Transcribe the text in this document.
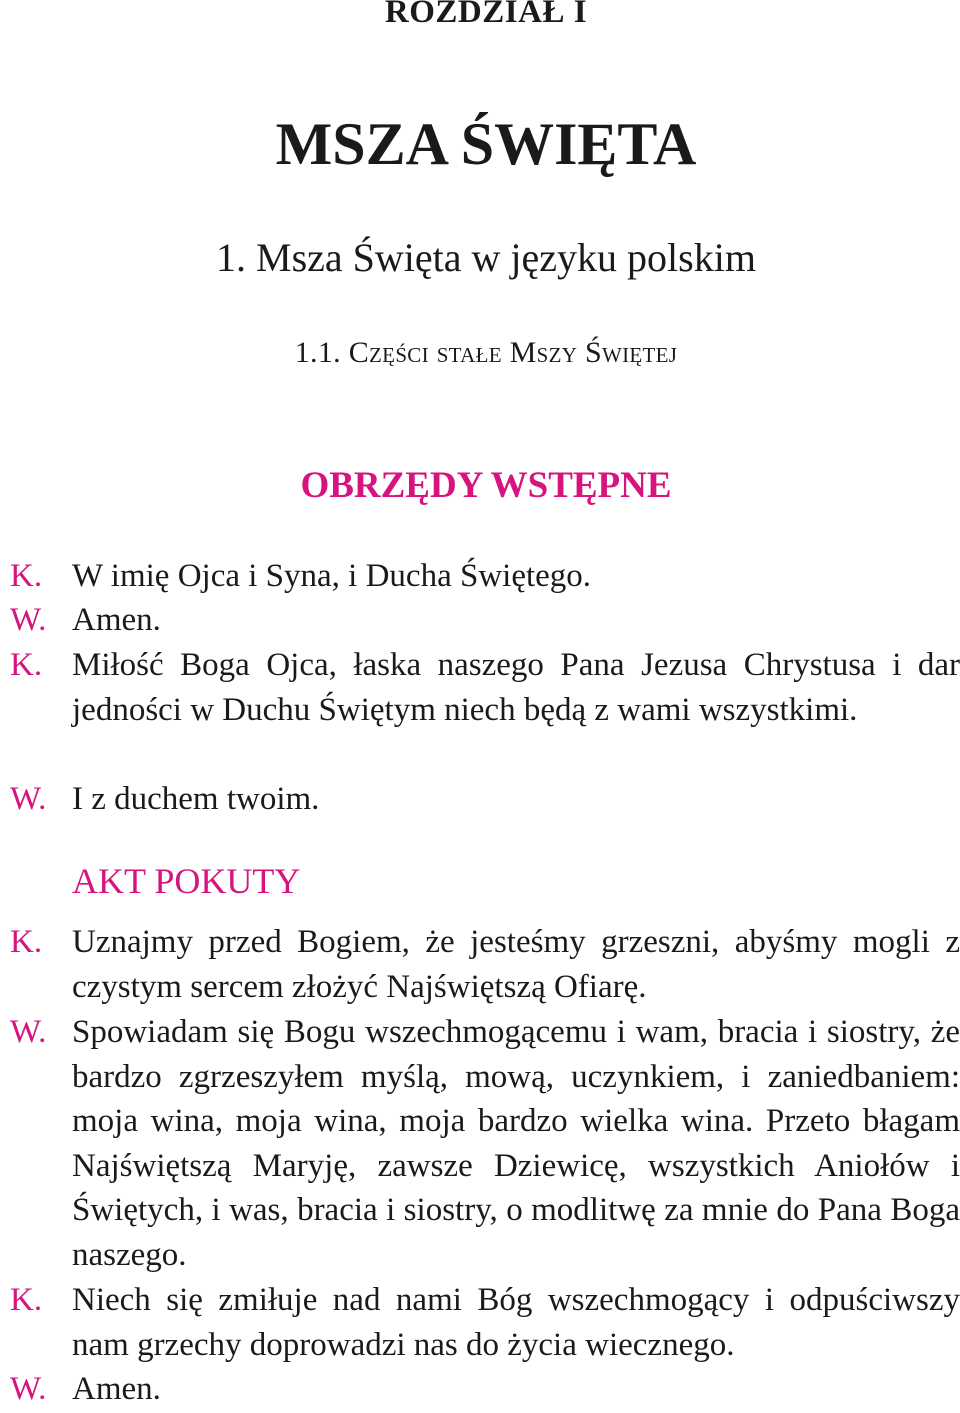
ROZDZIAŁ I
MSZA ŚWIĘTA
1. Msza Święta w języku polskim
1.1. Części stałe Mszy Świętej
OBRZĘDY WSTĘPNE
K. W imię Ojca i Syna, i Ducha Świętego.
W. Amen.
K. Miłość Boga Ojca, łaska naszego Pana Jezusa Chrystusa i dar jedności w Duchu Świętym niech będą z wami wszystkimi.
W. I z duchem twoim.
AKT POKUTY
K. Uznajmy przed Bogiem, że jesteśmy grzeszni, abyśmy mogli z czystym sercem złożyć Najświętszą Ofiarę.
W. Spowiadam się Bogu wszechmogącemu i wam, bracia i siostry, że bardzo zgrzeszyłem myślą, mową, uczynkiem, i zaniedbaniem: moja wina, moja wina, moja bardzo wielka wina. Przeto błagam Najświętszą Maryję, zawsze Dziewicę, wszystkich Aniołów i Świętych, i was, bracia i siostry, o modlitwę za mnie do Pana Boga naszego.
K. Niech się zmiłuje nad nami Bóg wszechmogący i odpuściwszy nam grzechy doprowadzi nas do życia wiecznego.
W. Amen.
